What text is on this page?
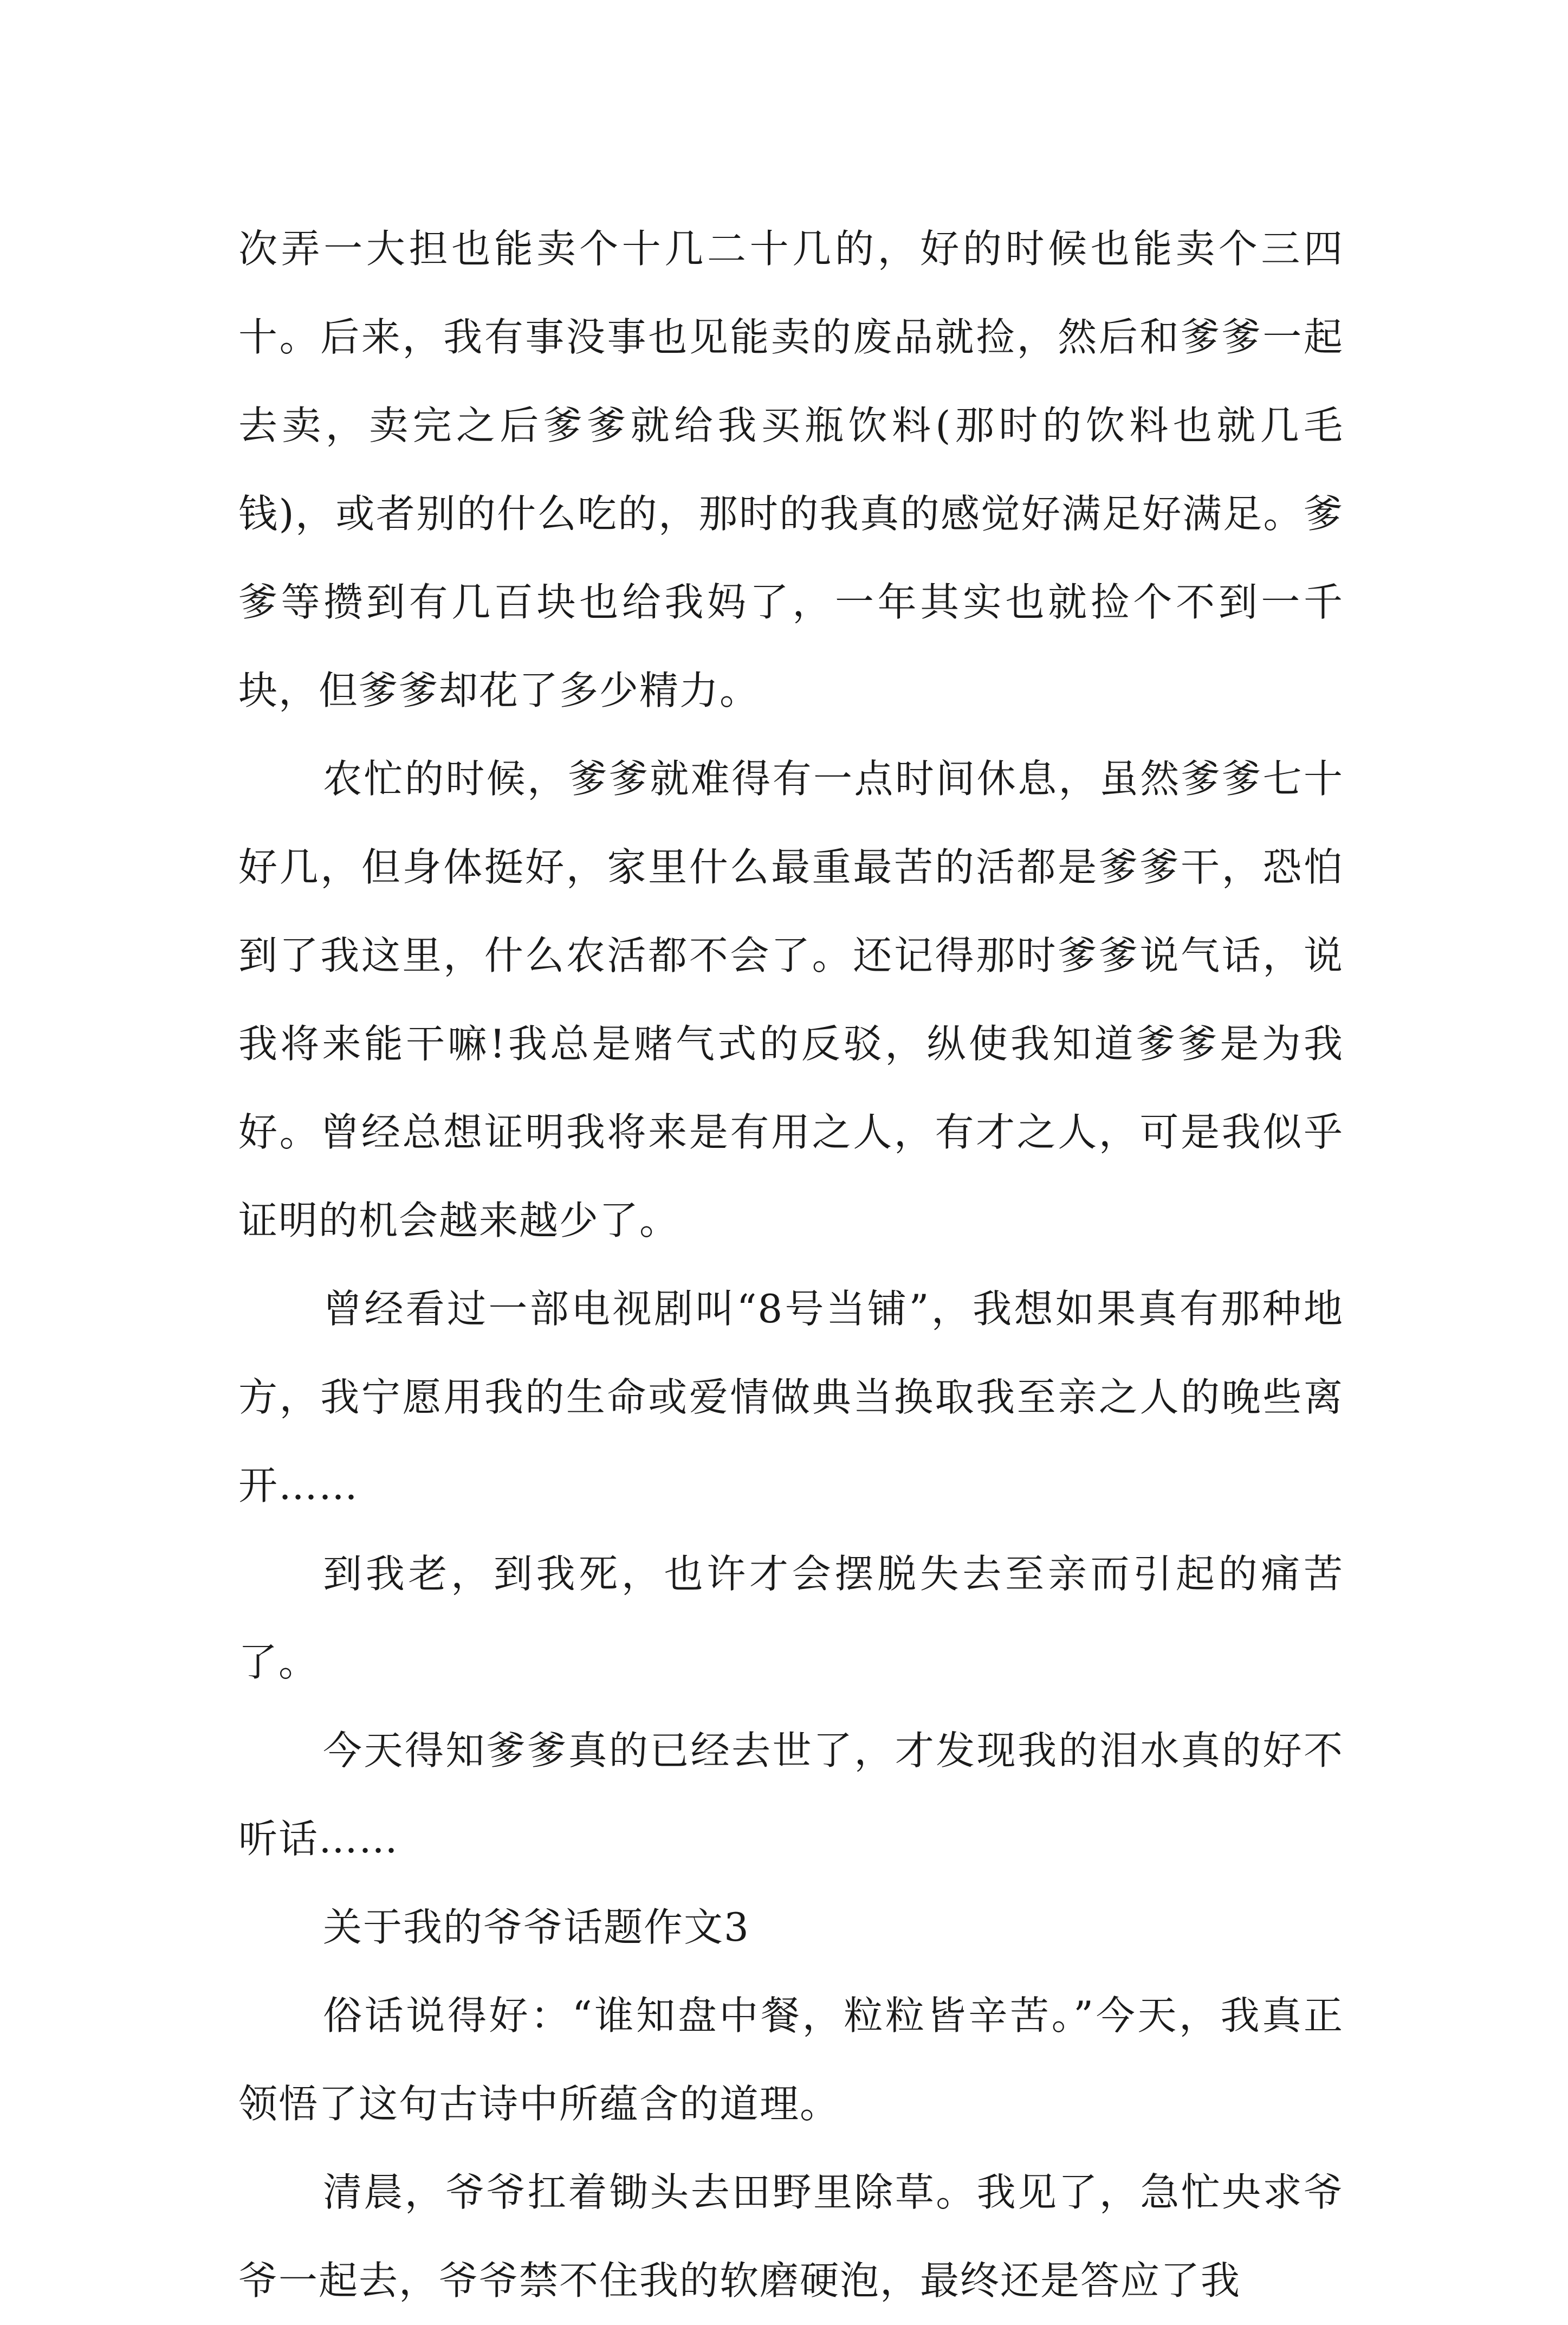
次弄一大担也能卖个十几二十几的，好的时候也能卖个三四十。后来，我有事没事也见能卖的废品就捡，然后和爹爹一起去卖，卖完之后爹爹就给我买瓶饮料(那时的饮料也就几毛钱)，或者别的什么吃的，那时的我真的感觉好满足好满足。爹爹等攒到有几百块也给我妈了，一年其实也就捡个不到一千块，但爹爹却花了多少精力。

农忙的时候，爹爹就难得有一点时间休息，虽然爹爹七十好几，但身体挺好，家里什么最重最苦的活都是爹爹干，恐怕到了我这里，什么农活都不会了。还记得那时爹爹说气话，说我将来能干嘛!我总是赌气式的反驳，纵使我知道爹爹是为我好。曾经总想证明我将来是有用之人，有才之人，可是我似乎证明的机会越来越少了。

曾经看过一部电视剧叫“8号当铺”，我想如果真有那种地方，我宁愿用我的生命或爱情做典当换取我至亲之人的晚些离开……

到我老，到我死，也许才会摆脱失去至亲而引起的痛苦了。

今天得知爹爹真的已经去世了，才发现我的泪水真的好不听话……

关于我的爷爷话题作文3

俗话说得好：“谁知盘中餐，粒粒皆辛苦。”今天，我真正领悟了这句古诗中所蕴含的道理。

清晨，爷爷扛着锄头去田野里除草。我见了，急忙央求爷爷一起去，爷爷禁不住我的软磨硬泡，最终还是答应了我
